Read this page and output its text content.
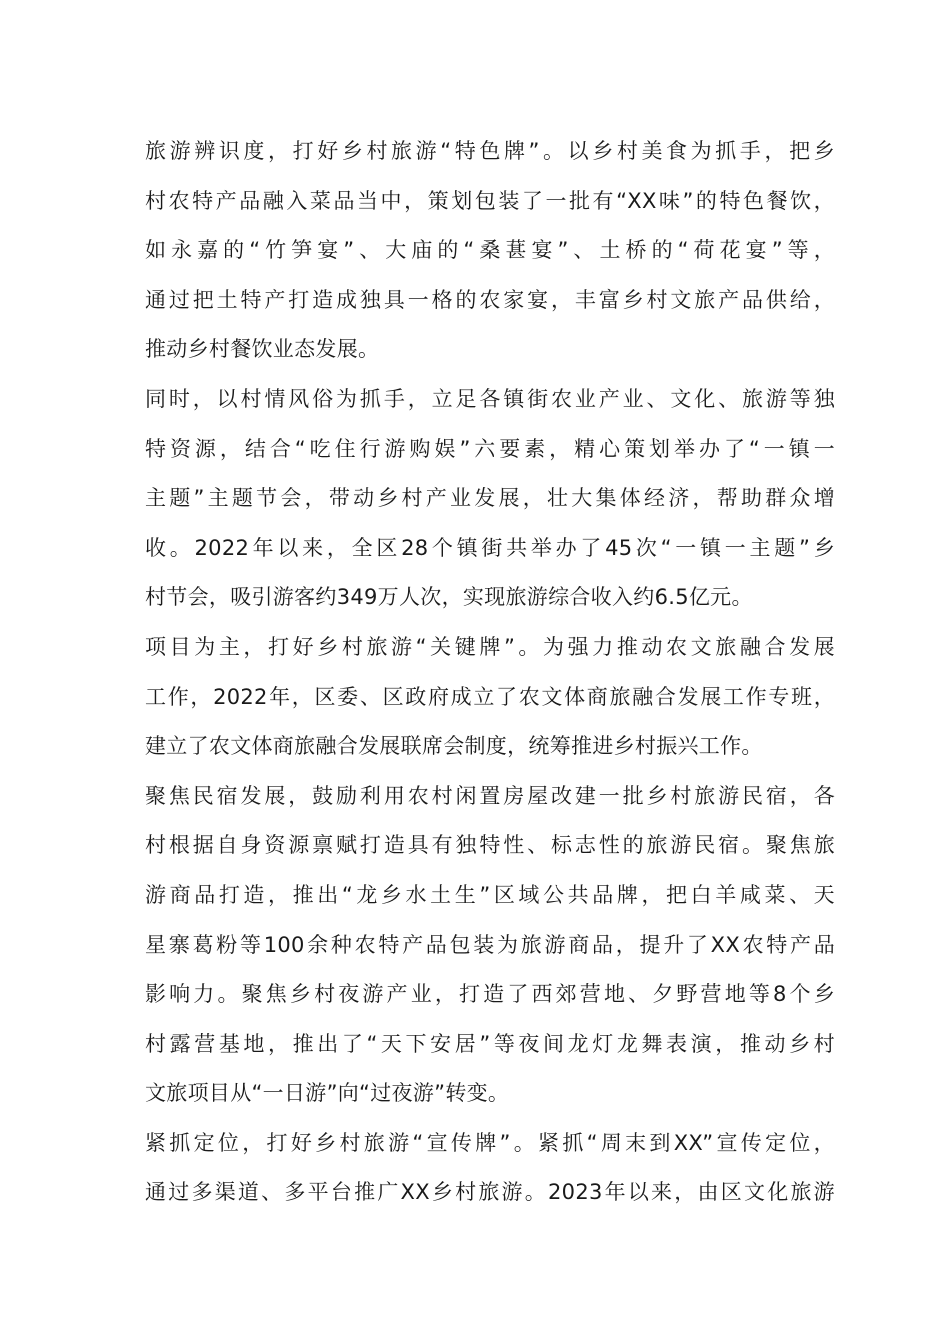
旅游辨识度，打好乡村旅游“特色牌”。以乡村美食为抓手，把乡
村农特产品融入菜品当中，策划包装了一批有“XX味”的特色餐饮，
如永嘉的“竹笋宴”、大庙的“桑葚宴”、土桥的“荷花宴”等，
通过把土特产打造成独具一格的农家宴，丰富乡村文旅产品供给，
推动乡村餐饮业态发展。
同时，以村情风俗为抓手，立足各镇街农业产业、文化、旅游等独
特资源，结合“吃住行游购娱”六要素，精心策划举办了“一镇一
主题”主题节会，带动乡村产业发展，壮大集体经济，帮助群众增
收。2022年以来，全区28个镇街共举办了45次“一镇一主题”乡
村节会，吸引游客约349万人次，实现旅游综合收入约6.5亿元。
项目为主，打好乡村旅游“关键牌”。为强力推动农文旅融合发展
工作，2022年，区委、区政府成立了农文体商旅融合发展工作专班，
建立了农文体商旅融合发展联席会制度，统筹推进乡村振兴工作。
聚焦民宿发展，鼓励利用农村闲置房屋改建一批乡村旅游民宿，各
村根据自身资源禀赋打造具有独特性、标志性的旅游民宿。聚焦旅
游商品打造，推出“龙乡水土生”区域公共品牌，把白羊咸菜、天
星寨葛粉等100余种农特产品包装为旅游商品，提升了XX农特产品
影响力。聚焦乡村夜游产业，打造了西郊营地、夕野营地等8个乡
村露营基地，推出了“天下安居”等夜间龙灯龙舞表演，推动乡村
文旅项目从“一日游”向“过夜游”转变。
紧抓定位，打好乡村旅游“宣传牌”。紧抓“周末到XX”宣传定位，
通过多渠道、多平台推广XX乡村旅游。2023年以来，由区文化旅游
